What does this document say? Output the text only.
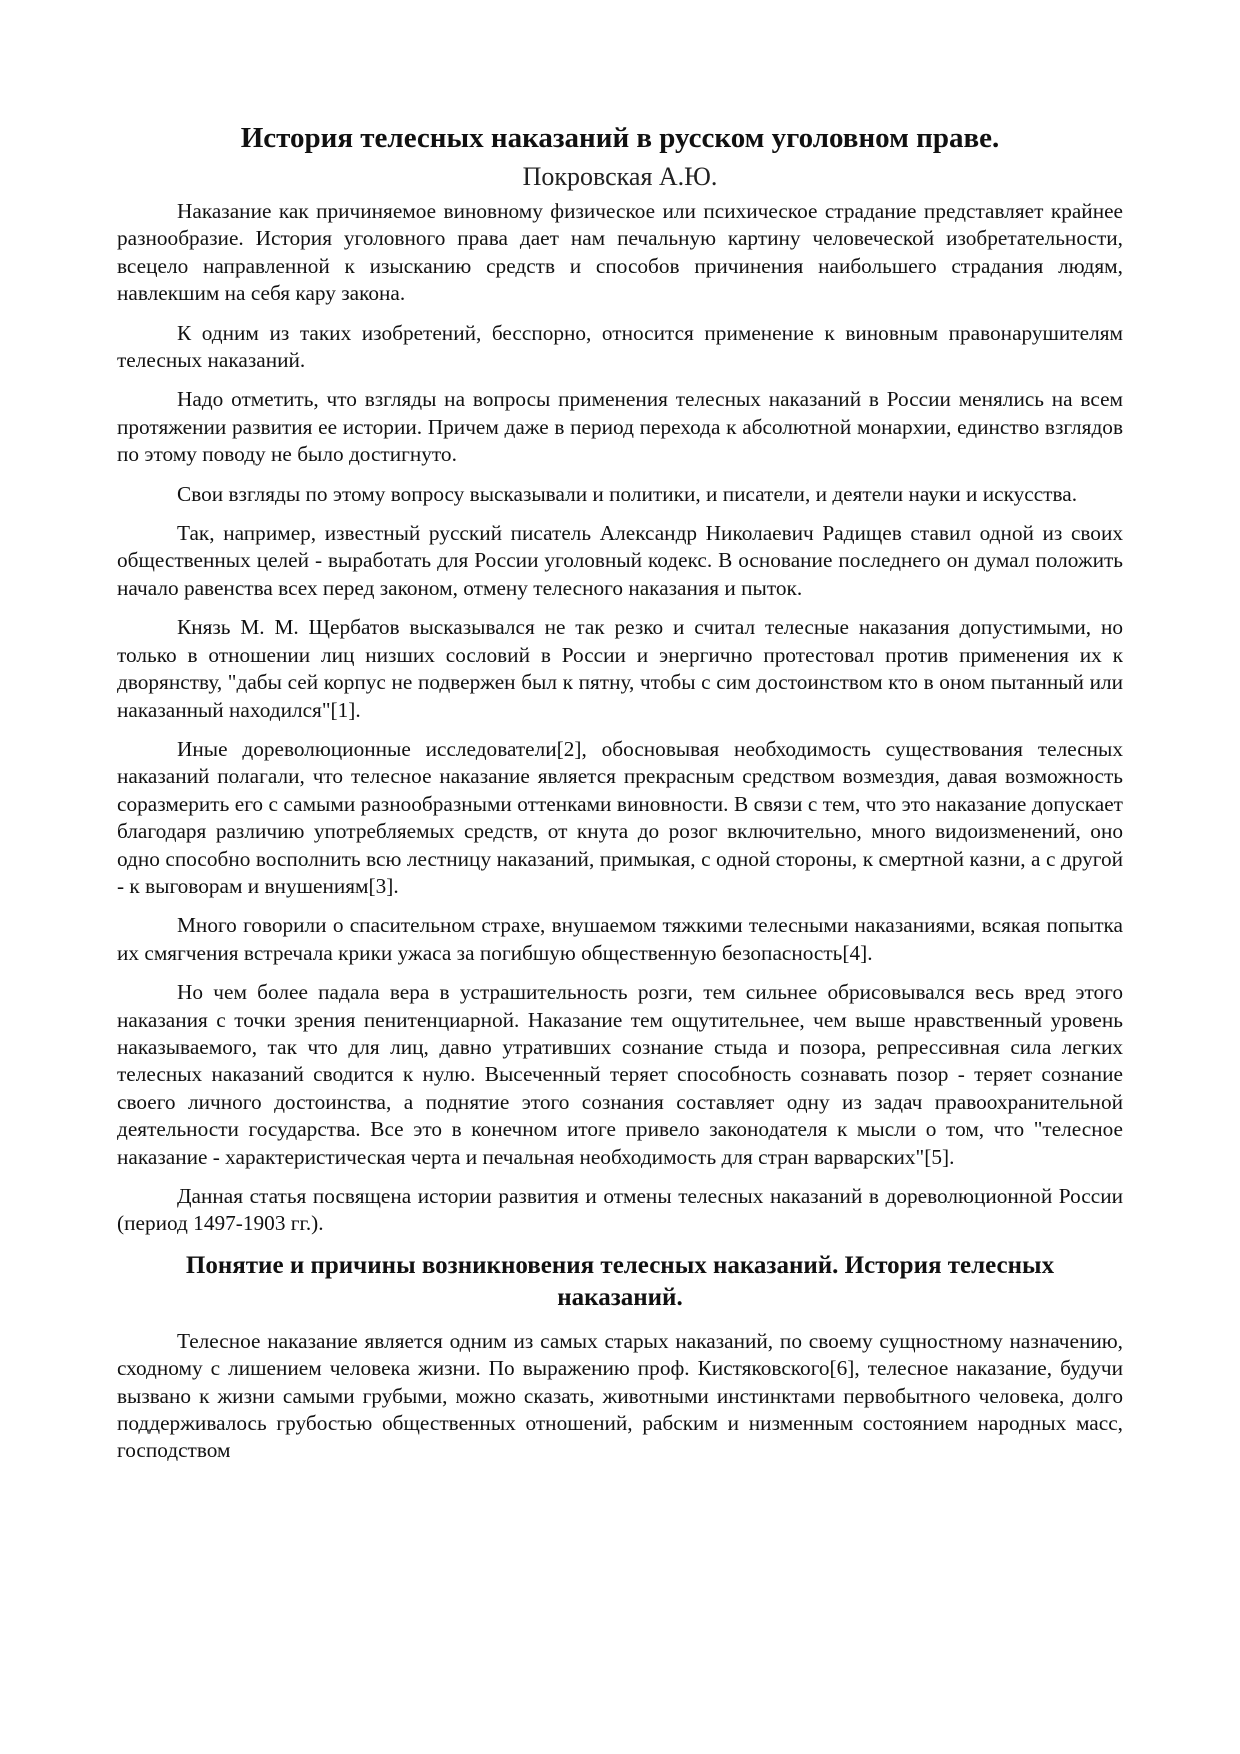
История телесных наказаний в русском уголовном праве.
Покровская А.Ю.

Наказание как причиняемое виновному физическое или психическое страдание представляет крайнее разнообразие. История уголовного права дает нам печальную картину человеческой изобретательности, всецело направленной к изысканию средств и способов причинения наибольшего страдания людям, навлекшим на себя кару закона.

К одним из таких изобретений, бесспорно, относится применение к виновным правонарушителям телесных наказаний.

Надо отметить, что взгляды на вопросы применения телесных наказаний в России менялись на всем протяжении развития ее истории. Причем даже в период перехода к абсолютной монархии, единство взглядов по этому поводу не было достигнуто.

Свои взгляды по этому вопросу высказывали и политики, и писатели, и деятели науки и искусства.

Так, например, известный русский писатель Александр Николаевич Радищев ставил одной из своих общественных целей - выработать для России уголовный кодекс. В основание последнего он думал положить начало равенства всех перед законом, отмену телесного наказания и пыток.

Князь М. М. Щербатов высказывался не так резко и считал телесные наказания допустимыми, но только в отношении лиц низших сословий в России и энергично протестовал против применения их к дворянству, "дабы сей корпус не подвержен был к пятну, чтобы с сим достоинством кто в оном пытанный или наказанный находился"[1].

Иные дореволюционные исследователи[2], обосновывая необходимость существования телесных наказаний полагали, что телесное наказание является прекрасным средством возмездия, давая возможность соразмерить его с самыми разнообразными оттенками виновности. В связи с тем, что это наказание допускает благодаря различию употребляемых средств, от кнута до розог включительно, много видоизменений, оно одно способно восполнить всю лестницу наказаний, примыкая, с одной стороны, к смертной казни, а с другой - к выговорам и внушениям[3].

Много говорили о спасительном страхе, внушаемом тяжкими телесными наказаниями, всякая попытка их смягчения встречала крики ужаса за погибшую общественную безопасность[4].

Но чем более падала вера в устрашительность розги, тем сильнее обрисовывался весь вред этого наказания с точки зрения пенитенциарной. Наказание тем ощутительнее, чем выше нравственный уровень наказываемого, так что для лиц, давно утративших сознание стыда и позора, репрессивная сила легких телесных наказаний сводится к нулю. Высеченный теряет способность сознавать позор - теряет сознание своего личного достоинства, а поднятие этого сознания составляет одну из задач правоохранительной деятельности государства. Все это в конечном итоге привело законодателя к мысли о том, что "телесное наказание - характеристическая черта и печальная необходимость для стран варварских"[5].

Данная статья посвящена истории развития и отмены телесных наказаний в дореволюционной России (период 1497-1903 гг.).

Понятие и причины возникновения телесных наказаний. История телесных наказаний.

Телесное наказание является одним из самых старых наказаний, по своему сущностному назначению, сходному с лишением человека жизни. По выражению проф. Кистяковского[6], телесное наказание, будучи вызвано к жизни самыми грубыми, можно сказать, животными инстинктами первобытного человека, долго поддерживалось грубостью общественных отношений, рабским и низменным состоянием народных масс, господством
